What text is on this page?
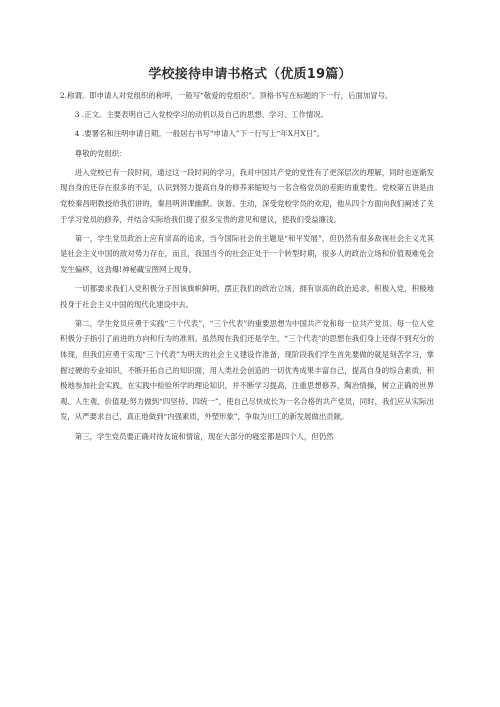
学校接待申请书格式（优质19篇）

2.称谓。即申请人对党组织的称呼，一般写“敬爱的党组织”。顶格书写在标题的下一行，后面加冒号。

3 .正文。主要表明自己入党校学习的动机以及自己的思想、学习、工作情况。

4 .要署名和注明申请日期。一般居右书写“申请人”下一行写上“年X月X日”。

尊敬的党组织：

进入党校已有一段时间，通过这一段时间的学习，我对中国共产党的党性有了更深层次的理解，同时也逐渐发现自身的还存在很多的不足，认识到努力提高自身的修养来缩短与一名合格党员的差距的重要性。党校第五讲是由党校秦昌明教授给我们讲的，秦昌明讲课幽默、诙谐、生动，深受党校学员的欢迎，他从四个方面向我们阐述了关于学习党员的修养，并结合实际给我们提了很多宝贵的意见和建议，使我们受益廉浅。

第一，学生党员政治上应有崇高的追求，当今国际社会的主题是“和平发展”，但仍然有很多敌视社会主义尤其是社会主义中国的敌对势力存在，而且，我国当今的社会正处于一个转型时期，很多人的政治立场和价值观难免会发生偏移，这劲爆!神秘藏宝图网上现身。

一切都要求我们入党积极分子因该旗帜鲜明，摆正我们的政治立场，拥有崇高的政治追求，积极入党，积极地投身于社会主义中国的现代化建设中去。

第二，学生党员应勇于实践“三个代表”，“三个代表”的重要思想为中国共产党和每一位共产党员、每一位入党积极分子指引了前进的方向和行为的准则。虽然现在我们还是学生，“三个代表”的思想在我们身上还得不到充分的体现，但我们应勇于实现“三个代表”为明天的社会主义建设作准备，现阶段我们学生首先要做的就是刻苦学习，掌握过硬的专业知识，不断开拓自己的知识面，用人类社会创造的一切优秀成果丰富自己，提高自身的综合素质，积极地参加社会实践，在实践中检验所学的理论知识，并不断学习提高，注重思想修养，陶冶情操，树立正确的世界观、人生观、价值观;努力做到“四坚持、四统一”，使自己尽快成长为一名合格的共产党员，同时，我们应从实际出发，从严要求自己，真正地做到“内强素质，外塑形象”，争取为川工的新发展做出贡献。

第三，学生党员要正确对待友谊和情谊，现在大部分的寝室都是四个人，但仍然
